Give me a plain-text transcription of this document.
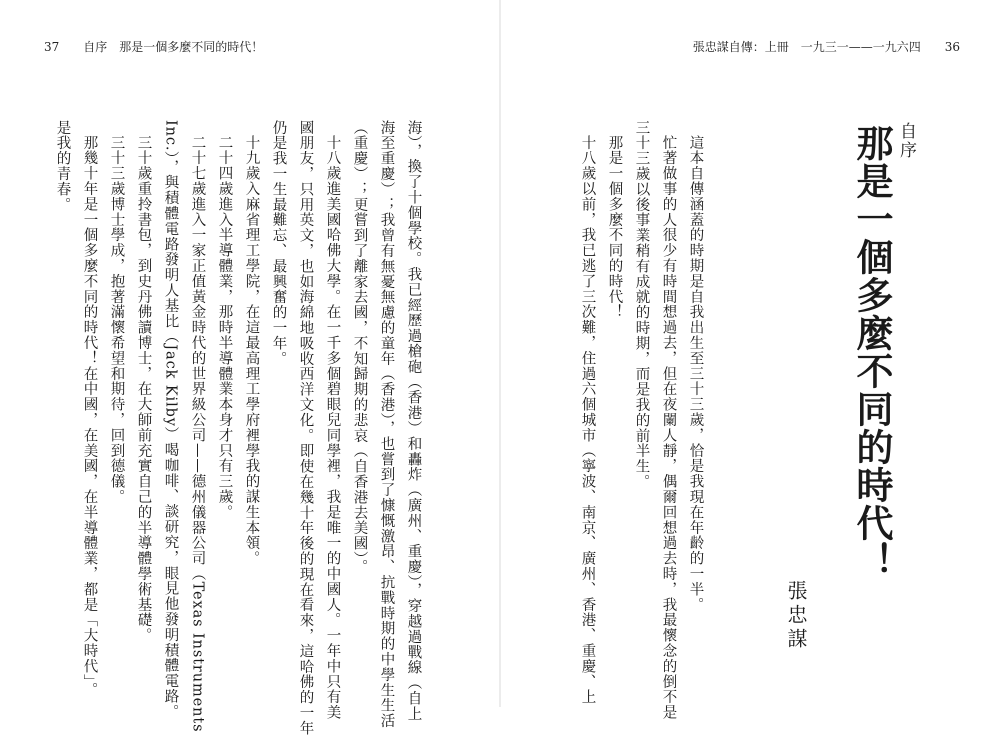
37 自序　那是一個多麼不同的時代！	張忠謀自傳：上冊　一九三一——一九六四 36
自序
那是一個多麼不同的時代！
這本自傳涵蓋的時期是自我出生至三十三歲，恰是我現在年齡的一半。
忙著做事的人很少有時間想過去，但在夜闌人靜，偶爾回想過去時，我最懷念的倒不是
三十三歲以後事業稍有成就的時期，而是我的前半生。
那是一個多麼不同的時代！
十八歲以前，我已逃了三次難，住過六個城市（寧波、南京、廣州、香港、重慶、上	張忠謀
海），換了十個學校。我已經歷過槍砲（香港）和轟炸（廣州、重慶），穿越過戰線（自上
海至重慶）；我曾有無憂無慮的童年（香港），也嘗到了慷慨激昂、抗戰時期的中學生生活
（重慶）；更嘗到了離家去國，不知歸期的悲哀（自香港去美國）。
十八歲進美國哈佛大學。在一千多個碧眼兒同學裡，我是唯一的中國人。一年中只有美
國朋友，只用英文，也如海綿地吸收西洋文化。即使在幾十年後的現在看來，這哈佛的一年
仍是我一生最難忘、最興奮的一年。
十九歲入麻省理工學院，在這最高理工學府裡學我的謀生本領。
二十四歲進入半導體業，那時半導體業本身才只有三歲。
二十七歲進入一家正值黃金時代的世界級公司——德州儀器公司（Texas Instruments
Inc.），與積體電路發明人基比（Jack Kilby）喝咖啡、談研究，眼見他發明積體電路。
三十歲重拎書包，到史丹佛讀博士，在大師前充實自己的半導體學術基礎。
三十三歲博士學成，抱著滿懷希望和期待，回到德儀。
那幾十年是一個多麼不同的時代！在中國，在美國，在半導體業，都是「大時代」。
是我的青春。
